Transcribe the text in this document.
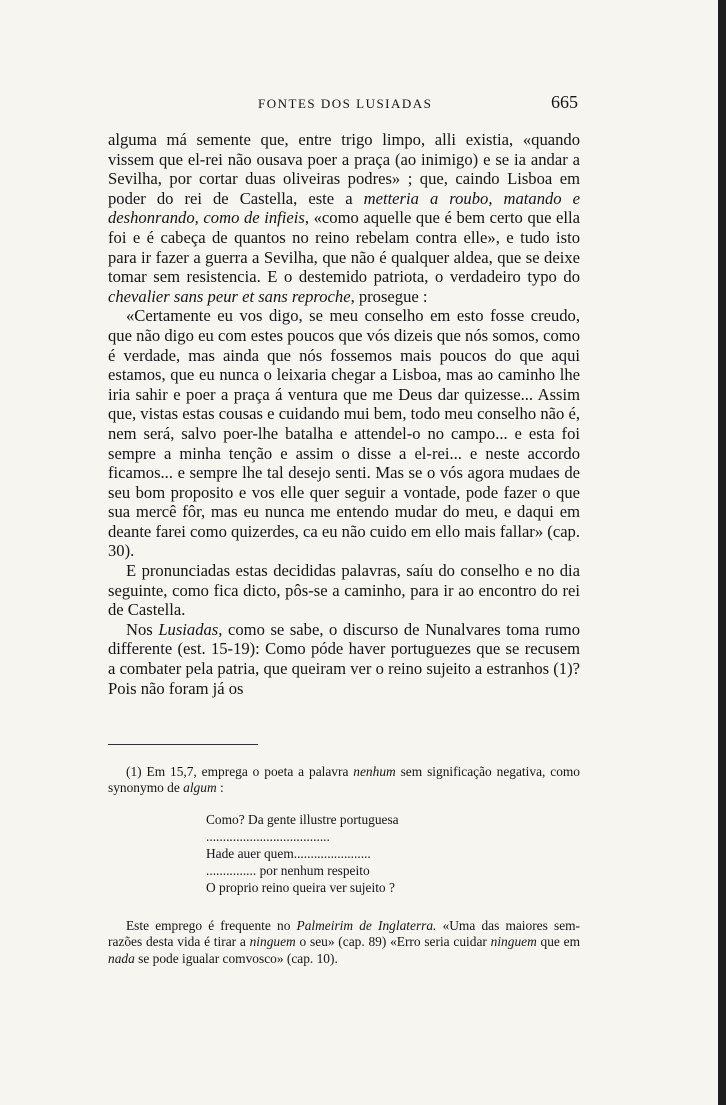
FONTES DOS LUSIADAS	665

alguma má semente que, entre trigo limpo, alli existia, «quando vissem que el-rei não ousava poer a praça (ao inimigo) e se ia andar a Sevilha, por cortar duas oliveiras podres» ; que, caindo Lisboa em poder do rei de Castella, este a metteria a roubo, matando e deshonrando, como de infieis, «como aquelle que é bem certo que ella foi e é cabeça de quantos no reino rebelam contra elle», e tudo isto para ir fazer a guerra a Sevilha, que não é qualquer aldea, que se deixe tomar sem resistencia. E o destemido patriota, o verdadeiro typo do chevalier sans peur et sans reproche, prosegue :

«Certamente eu vos digo, se meu conselho em esto fosse creudo, que não digo eu com estes poucos que vós dizeis que nós somos, como é verdade, mas ainda que nós fossemos mais poucos do que aqui estamos, que eu nunca o leixaria chegar a Lisboa, mas ao caminho lhe iria sahir e poer a praça á ventura que me Deus dar quizesse... Assim que, vistas estas cousas e cuidando mui bem, todo meu conselho não é, nem será, salvo poer-lhe batalha e attendel-o no campo... e esta foi sempre a minha tenção e assim o disse a el-rei... e neste accordo ficamos... e sempre lhe tal desejo senti. Mas se o vós agora mudaes de seu bom proposito e vos elle quer seguir a vontade, pode fazer o que sua mercê fôr, mas eu nunca me entendo mudar do meu, e daqui em deante farei como quizerdes, ca eu não cuido em ello mais fallar» (cap. 30).

E pronunciadas estas decididas palavras, saíu do conselho e no dia seguinte, como fica dicto, pôs-se a caminho, para ir ao encontro do rei de Castella.

Nos Lusiadas, como se sabe, o discurso de Nunalvares toma rumo differente (est. 15-19): Como póde haver portuguezes que se recusem a combater pela patria, que queiram ver o reino sujeito a estranhos (1)? Pois não foram já os

(1) Em 15,7, emprega o poeta a palavra nenhum sem significação negativa, como synonymo de algum :

Como? Da gente illustre portuguesa
.....................................
Hade auer quem.......................
............... por nenhum respeito
O proprio reino queira ver sujeito ?

Este emprego é frequente no Palmeirim de Inglaterra. «Uma das maiores sem-razões desta vida é tirar a ninguem o seu» (cap. 89) «Erro seria cuidar ninguem que em nada se pode igualar comvosco» (cap. 10).
